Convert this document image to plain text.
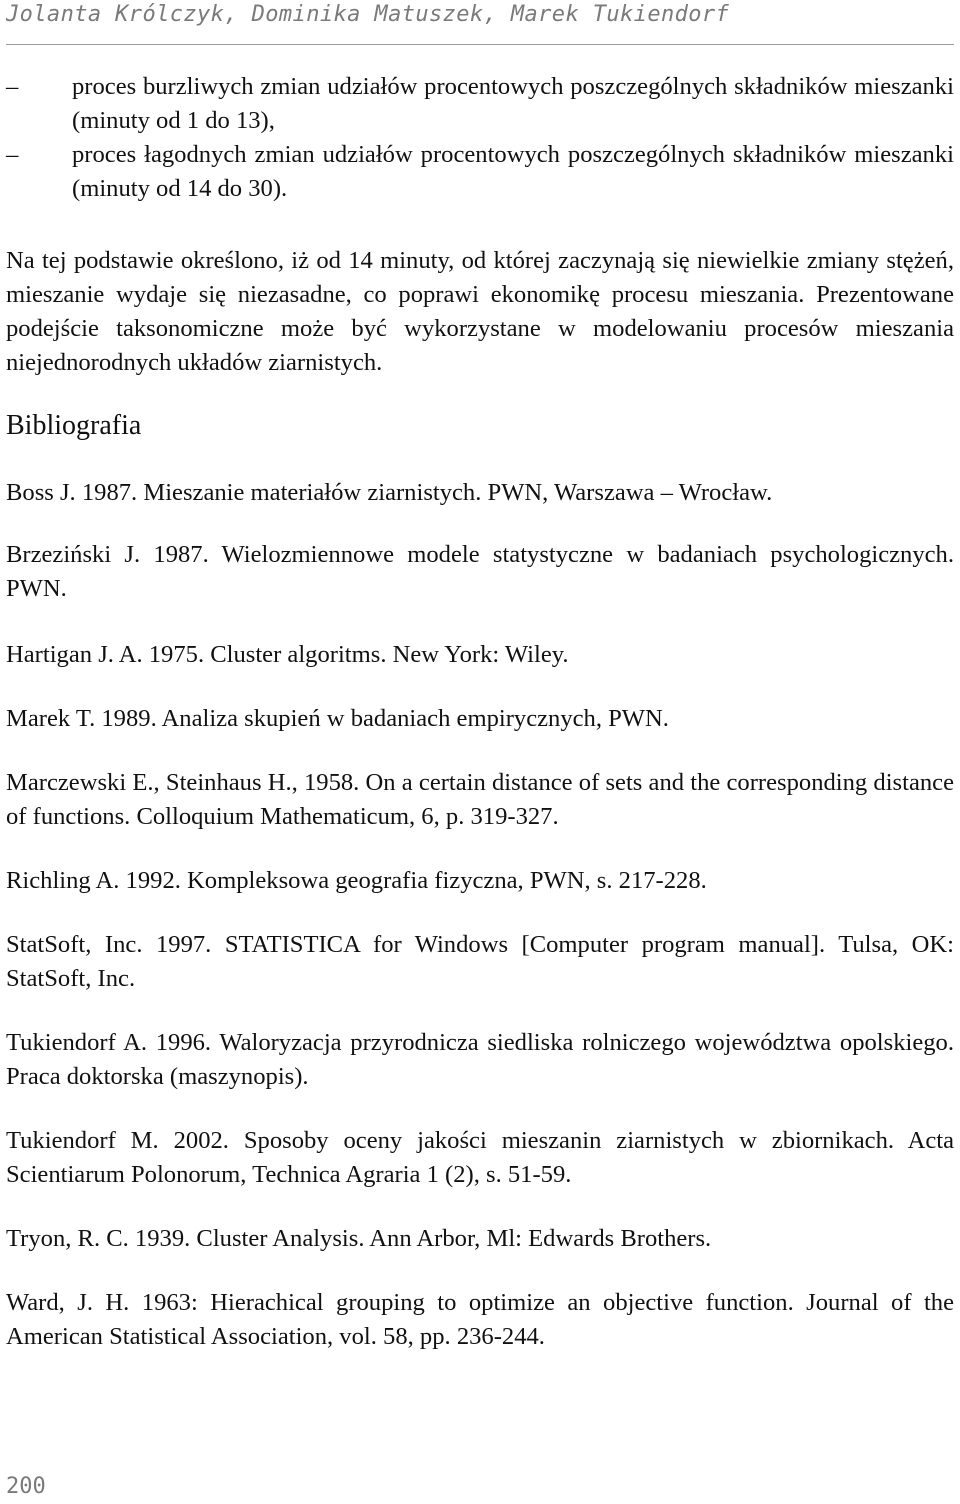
Jolanta Królczyk, Dominika Matuszek, Marek Tukiendorf
–	proces burzliwych zmian udziałów procentowych poszczególnych składników mieszanki (minuty od 1 do 13),
–	proces łagodnych zmian udziałów procentowych poszczególnych składników mieszanki (minuty od 14 do 30).
Na tej podstawie określono, iż od 14 minuty, od której zaczynają się niewielkie zmiany stężeń, mieszanie wydaje się niezasadne, co poprawi ekonomikę procesu mieszania. Prezentowane podejście taksonomiczne może być wykorzystane w modelowaniu procesów mieszania niejednorodnych układów ziarnistych.
Bibliografia
Boss J. 1987. Mieszanie materiałów ziarnistych. PWN, Warszawa – Wrocław.
Brzeziński J. 1987. Wielozmiennowe modele statystyczne w badaniach psychologicznych. PWN.
Hartigan J. A. 1975. Cluster algoritms. New York: Wiley.
Marek T. 1989. Analiza skupień w badaniach empirycznych, PWN.
Marczewski E., Steinhaus H., 1958. On a certain distance of sets and the corresponding distance of functions. Colloquium Mathematicum, 6, p. 319-327.
Richling A. 1992. Kompleksowa geografia fizyczna, PWN, s. 217-228.
StatSoft, Inc. 1997. STATISTICA for Windows [Computer program manual]. Tulsa, OK: StatSoft, Inc.
Tukiendorf A. 1996. Waloryzacja przyrodnicza siedliska rolniczego województwa opolskiego. Praca doktorska (maszynopis).
Tukiendorf M. 2002. Sposoby oceny jakości mieszanin ziarnistych w zbiornikach. Acta Scientiarum Polonorum, Technica Agraria 1 (2), s. 51-59.
Tryon, R. C. 1939. Cluster Analysis. Ann Arbor, Ml: Edwards Brothers.
Ward, J. H. 1963: Hierachical grouping to optimize an objective function. Journal of the American Statistical Association, vol. 58, pp. 236-244.
200
